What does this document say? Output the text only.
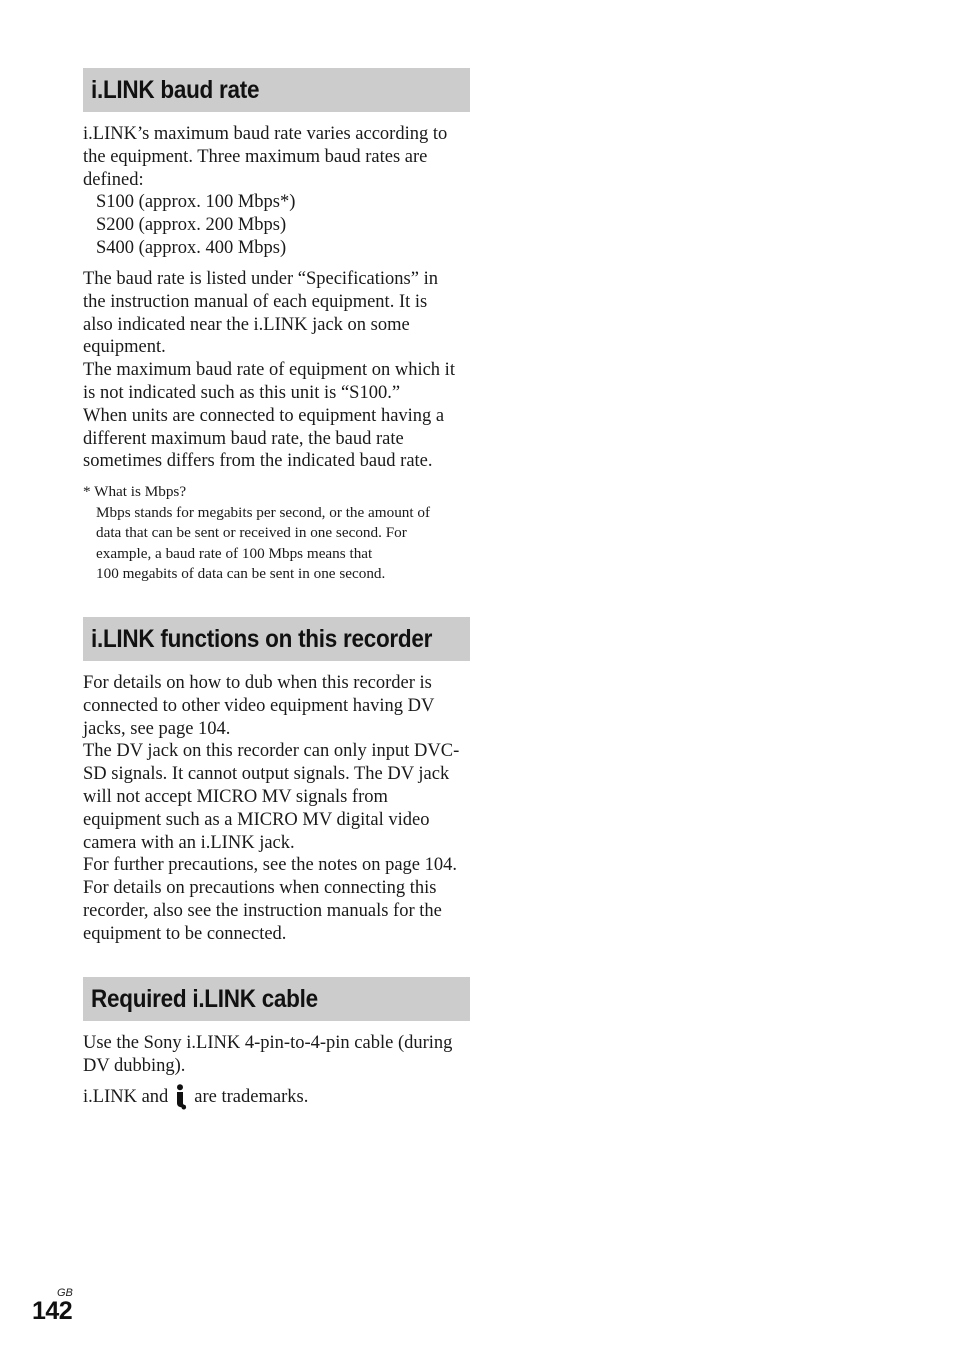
i.LINK baud rate
i.LINK’s maximum baud rate varies according to
the equipment. Three maximum baud rates are
defined:
S100 (approx. 100 Mbps*)
S200 (approx. 200 Mbps)
S400 (approx. 400 Mbps)
The baud rate is listed under “Specifications” in
the instruction manual of each equipment. It is
also indicated near the i.LINK jack on some
equipment.
The maximum baud rate of equipment on which it
is not indicated such as this unit is “S100.”
When units are connected to equipment having a
different maximum baud rate, the baud rate
sometimes differs from the indicated baud rate.
* What is Mbps?
Mbps stands for megabits per second, or the amount of
data that can be sent or received in one second. For
example, a baud rate of 100 Mbps means that
100 megabits of data can be sent in one second.
i.LINK functions on this recorder
For details on how to dub when this recorder is
connected to other video equipment having DV
jacks, see page 104.
The DV jack on this recorder can only input DVC-
SD signals. It cannot output signals. The DV jack
will not accept MICRO MV signals from
equipment such as a MICRO MV digital video
camera with an i.LINK jack.
For further precautions, see the notes on page 104.
For details on precautions when connecting this
recorder, also see the instruction manuals for the
equipment to be connected.
Required i.LINK cable
Use the Sony i.LINK 4-pin-to-4-pin cable (during
DV dubbing).
i.LINK and are trademarks.
GB
142
